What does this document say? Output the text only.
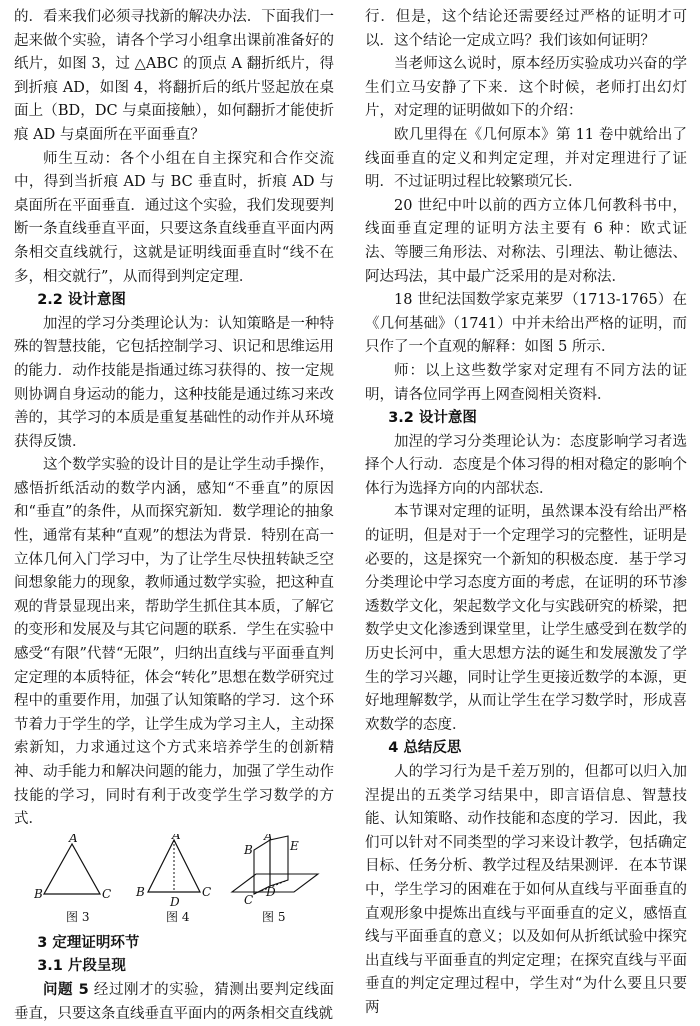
的．看来我们必须寻找新的解决办法．下面我们一起来做个实验，请各个学习小组拿出课前准备好的纸片，如图 3，过 △ABC 的顶点 A 翻折纸片，得到折痕 AD，如图 4，将翻折后的纸片竖起放在桌面上（BD，DC 与桌面接触），如何翻折才能使折痕 AD 与桌面所在平面垂直？

师生互动：各个小组在自主探究和合作交流中，得到当折痕 AD 与 BC 垂直时，折痕 AD 与桌面所在平面垂直．通过这个实验，我们发现要判断一条直线垂直平面，只要这条直线垂直平面内两条相交直线就行，这就是证明线面垂直时“线不在多，相交就行”，从而得到判定定理．

2.2 设计意图

加涅的学习分类理论认为：认知策略是一种特殊的智慧技能，它包括控制学习、识记和思维运用的能力．动作技能是指通过练习获得的、按一定规则协调自身运动的能力，这种技能是通过练习来改善的，其学习的本质是重复基础性的动作并从环境获得反馈．

这个数学实验的设计目的是让学生动手操作，感悟折纸活动的数学内涵，感知“不垂直”的原因和“垂直”的条件，从而探究新知．数学理论的抽象性，通常有某种“直观”的想法为背景．特别在高一立体几何入门学习中，为了让学生尽快扭转缺乏空间想象能力的现象，教师通过数学实验，把这种直观的背景显现出来，帮助学生抓住其本质，了解它的变形和发展及与其它问题的联系．学生在实验中感受“有限”代替“无限”，归纳出直线与平面垂直判定定理的本质特征，体会“转化”思想在数学研究过程中的重要作用，加强了认知策略的学习．这个环节着力于学生的学，让学生成为学习主人，主动探索新知，力求通过这个方式来培养学生的创新精神、动手能力和解决问题的能力，加强了学生动作技能的学习，同时有利于改变学生学习数学的方式．

A
B	C
图 3
A
B	C
D
图 4
A
B	E
D
C
图 5

3 定理证明环节

3.1 片段呈现

问题 5 经过刚才的实验，猜测出要判定线面垂直，只要这条直线垂直平面内的两条相交直线就

行．但是，这个结论还需要经过严格的证明才可以．这个结论一定成立吗？我们该如何证明？

当老师这么说时，原本经历实验成功兴奋的学生们立马安静了下来．这个时候，老师打出幻灯片，对定理的证明做如下的介绍：

欧几里得在《几何原本》第 11 卷中就给出了线面垂直的定义和判定定理，并对定理进行了证明．不过证明过程比较繁琐冗长．

20 世纪中叶以前的西方立体几何教科书中，线面垂直定理的证明方法主要有 6 种：欧式证法、等腰三角形法、对称法、引理法、勒让德法、阿达玛法，其中最广泛采用的是对称法．

18 世纪法国数学家克莱罗（1713-1765）在《几何基础》（1741）中并未给出严格的证明，而只作了一个直观的解释：如图 5 所示．

师：以上这些数学家对定理有不同方法的证明，请各位同学再上网查阅相关资料．

3.2 设计意图

加涅的学习分类理论认为：态度影响学习者选择个人行动．态度是个体习得的相对稳定的影响个体行为选择方向的内部状态．

本节课对定理的证明，虽然课本没有给出严格的证明，但是对于一个定理学习的完整性，证明是必要的，这是探究一个新知的积极态度．基于学习分类理论中学习态度方面的考虑，在证明的环节渗透数学文化，架起数学文化与实践研究的桥梁，把数学史文化渗透到课堂里，让学生感受到在数学的历史长河中，重大思想方法的诞生和发展激发了学生的学习兴趣，同时让学生更接近数学的本源，更好地理解数学，从而让学生在学习数学时，形成喜欢数学的态度．

4 总结反思

人的学习行为是千差万别的，但都可以归入加涅提出的五类学习结果中，即言语信息、智慧技能、认知策略、动作技能和态度的学习．因此，我们可以针对不同类型的学习来设计教学，包括确定目标、任务分析、教学过程及结果测评．在本节课中，学生学习的困难在于如何从直线与平面垂直的直观形象中提炼出直线与平面垂直的定义，感悟直线与平面垂直的意义；以及如何从折纸试验中探究出直线与平面垂直的判定定理；在探究直线与平面垂直的判定定理过程中，学生对“为什么要且只要两
